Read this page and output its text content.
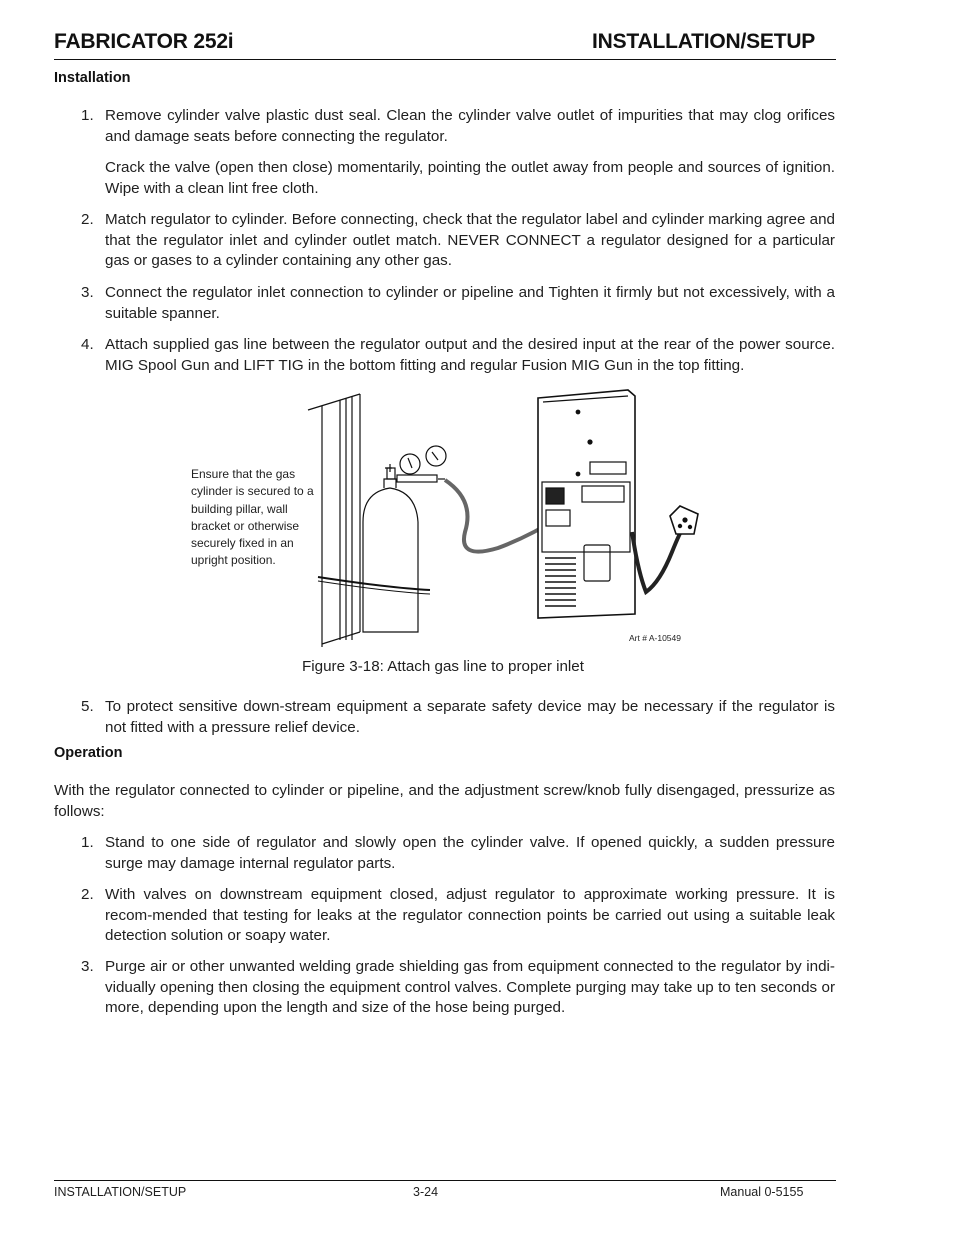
FABRICATOR 252i	INSTALLATION/SETUP
Installation
1. Remove cylinder valve plastic dust seal. Clean the cylinder valve outlet of impurities that may clog orifices and damage seats before connecting the regulator.
Crack the valve (open then close) momentarily, pointing the outlet away from people and sources of ignition. Wipe with a clean lint free cloth.
2. Match regulator to cylinder. Before connecting, check that the regulator label and cylinder marking agree and that the regulator inlet and cylinder outlet match. NEVER CONNECT a regulator designed for a particular gas or gases to a cylinder containing any other gas.
3. Connect the regulator inlet connection to cylinder or pipeline and Tighten it firmly but not excessively, with a suitable spanner.
4. Attach supplied gas line between the regulator output and the desired input at the rear of the power source. MIG Spool Gun and LIFT TIG in the bottom fitting and regular Fusion MIG Gun in the top fitting.
Ensure that the gas cylinder is secured to a building pillar, wall bracket or otherwise securely fixed in an upright position.
Art # A-10549
Figure 3-18: Attach gas line to proper inlet
5. To protect sensitive down-stream equipment a separate safety device may be necessary if the regulator is not fitted with a pressure relief device.
Operation
With the regulator connected to cylinder or pipeline, and the adjustment screw/knob fully disengaged, pressurize as follows:
1. Stand to one side of regulator and slowly open the cylinder valve. If opened quickly, a sudden pressure surge may damage internal regulator parts.
2. With valves on downstream equipment closed, adjust regulator to approximate working pressure. It is recom-mended that testing for leaks at the regulator connection points be carried out using a suitable leak detection solution or soapy water.
3. Purge air or other unwanted welding grade shielding gas from equipment connected to the regulator by indi-vidually opening then closing the equipment control valves. Complete purging may take up to ten seconds or more, depending upon the length and size of the hose being purged.
INSTALLATION/SETUP	3-24	Manual 0-5155
